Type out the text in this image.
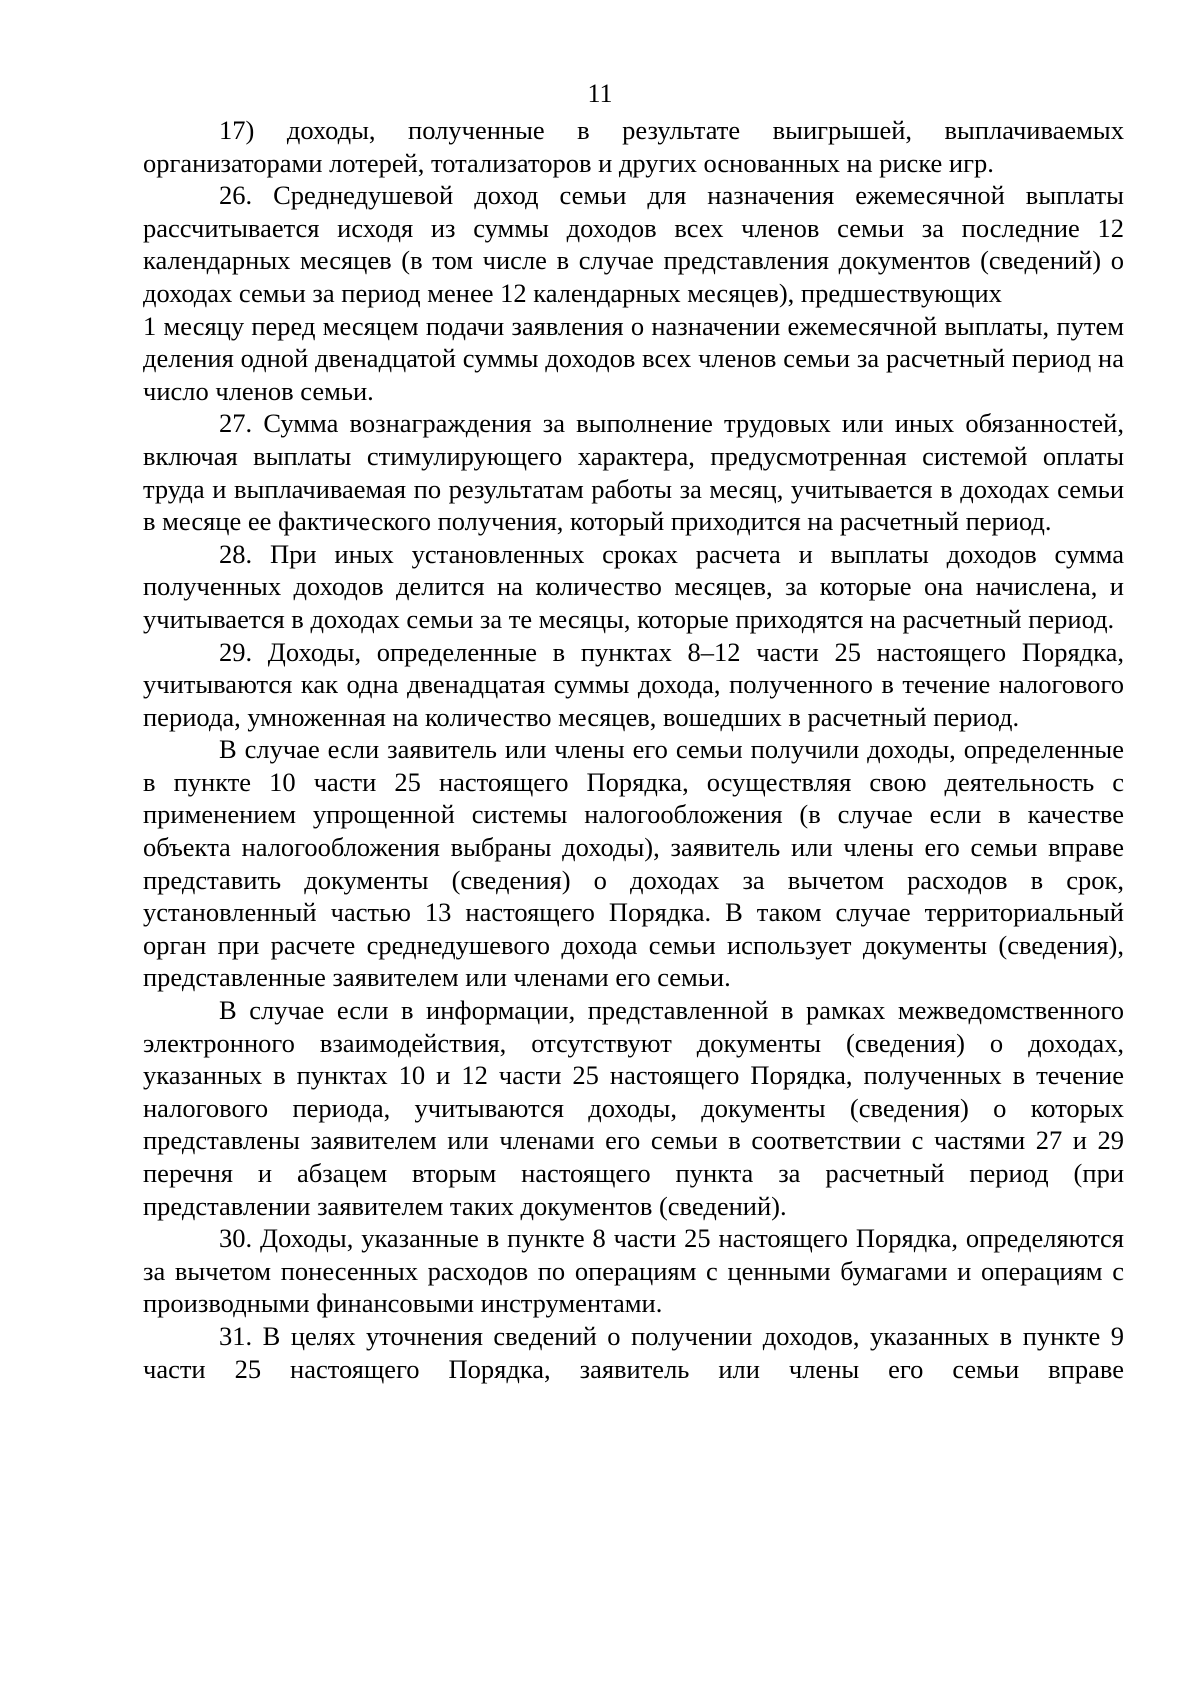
11

17) доходы, полученные в результате выигрышей, выплачиваемых организаторами лотерей, тотализаторов и других основанных на риске игр.

26. Среднедушевой доход семьи для назначения ежемесячной выплаты рассчитывается исходя из суммы доходов всех членов семьи за последние 12 календарных месяцев (в том числе в случае представления документов (сведений) о доходах семьи за период менее 12 календарных месяцев), предшествующих

1 месяцу перед месяцем подачи заявления о назначении ежемесячной выплаты, путем деления одной двенадцатой суммы доходов всех членов семьи за расчетный период на число членов семьи.

27. Сумма вознаграждения за выполнение трудовых или иных обязанностей, включая выплаты стимулирующего характера, предусмотренная системой оплаты труда и выплачиваемая по результатам работы за месяц, учитывается в доходах семьи в месяце ее фактического получения, который приходится на расчетный период.

28. При иных установленных сроках расчета и выплаты доходов сумма полученных доходов делится на количество месяцев, за которые она начислена, и учитывается в доходах семьи за те месяцы, которые приходятся на расчетный период.

29. Доходы, определенные в пунктах 8–12 части 25 настоящего Порядка, учитываются как одна двенадцатая суммы дохода, полученного в течение налогового периода, умноженная на количество месяцев, вошедших в расчетный период.

В случае если заявитель или члены его семьи получили доходы, определенные в пункте 10 части 25 настоящего Порядка, осуществляя свою деятельность с применением упрощенной системы налогообложения (в случае если в качестве объекта налогообложения выбраны доходы), заявитель или члены его семьи вправе представить документы (сведения) о доходах за вычетом расходов в срок, установленный частью 13 настоящего Порядка. В таком случае территориальный орган при расчете среднедушевого дохода семьи использует документы (сведения), представленные заявителем или членами его семьи.

В случае если в информации, представленной в рамках межведомственного электронного взаимодействия, отсутствуют документы (сведения) о доходах, указанных в пунктах 10 и 12 части 25 настоящего Порядка, полученных в течение налогового периода, учитываются доходы, документы (сведения) о которых представлены заявителем или членами его семьи в соответствии с частями 27 и 29 перечня и абзацем вторым настоящего пункта за расчетный период (при представлении заявителем таких документов (сведений).

30. Доходы, указанные в пункте 8 части 25 настоящего Порядка, определяются за вычетом понесенных расходов по операциям с ценными бумагами и операциям с производными финансовыми инструментами.

31. В целях уточнения сведений о получении доходов, указанных в пункте 9 части 25 настоящего Порядка, заявитель или члены его семьи вправе
